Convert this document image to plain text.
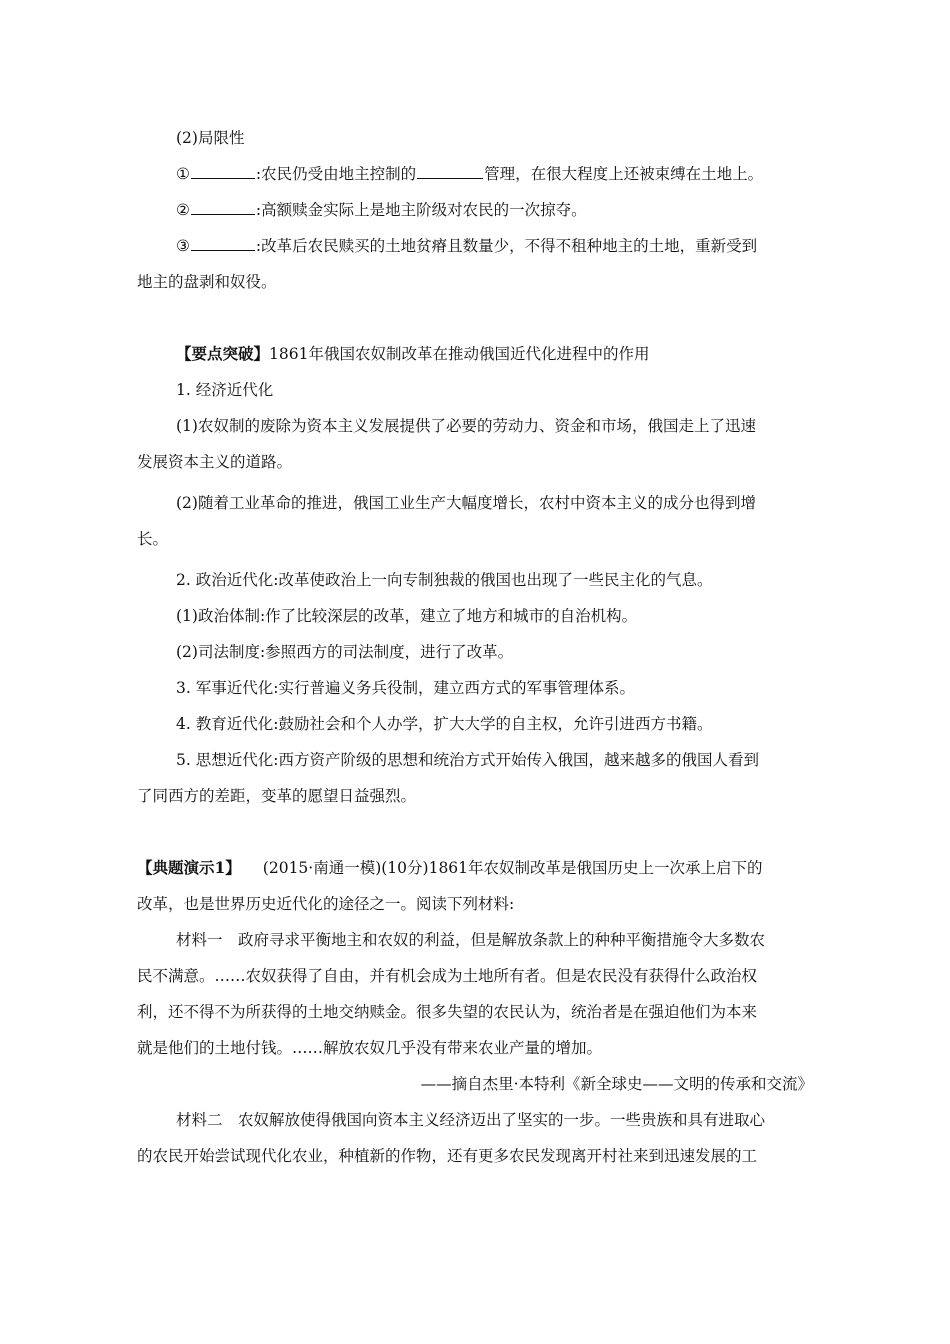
(2)局限性
①	:农民仍受由地主控制的	管理，在很大程度上还被束缚在土地上。
②	:高额赎金实际上是地主阶级对农民的一次掠夺。
③	:改革后农民赎买的土地贫瘠且数量少，不得不租种地主的土地，重新受到
地主的盘剥和奴役。
【要点突破】1861年俄国农奴制改革在推动俄国近代化进程中的作用
1. 经济近代化
(1)农奴制的废除为资本主义发展提供了必要的劳动力、资金和市场，俄国走上了迅速
发展资本主义的道路。
(2)随着工业革命的推进，俄国工业生产大幅度增长，农村中资本主义的成分也得到增
长。
2. 政治近代化:改革使政治上一向专制独裁的俄国也出现了一些民主化的气息。
(1)政治体制:作了比较深层的改革，建立了地方和城市的自治机构。
(2)司法制度:参照西方的司法制度，进行了改革。
3. 军事近代化:实行普遍义务兵役制，建立西方式的军事管理体系。
4. 教育近代化:鼓励社会和个人办学，扩大大学的自主权，允许引进西方书籍。
5. 思想近代化:西方资产阶级的思想和统治方式开始传入俄国，越来越多的俄国人看到
了同西方的差距，变革的愿望日益强烈。
【典题演示1】 (2015·南通一模)(10分)1861年农奴制改革是俄国历史上一次承上启下的
改革，也是世界历史近代化的途径之一。阅读下列材料:
材料一　政府寻求平衡地主和农奴的利益，但是解放条款上的种种平衡措施令大多数农
民不满意。……农奴获得了自由，并有机会成为土地所有者。但是农民没有获得什么政治权
利，还不得不为所获得的土地交纳赎金。很多失望的农民认为，统治者是在强迫他们为本来
就是他们的土地付钱。……解放农奴几乎没有带来农业产量的增加。
——摘自杰里·本特利《新全球史——文明的传承和交流》
材料二　农奴解放使得俄国向资本主义经济迈出了坚实的一步。一些贵族和具有进取心
的农民开始尝试现代化农业，种植新的作物，还有更多农民发现离开村社来到迅速发展的工
